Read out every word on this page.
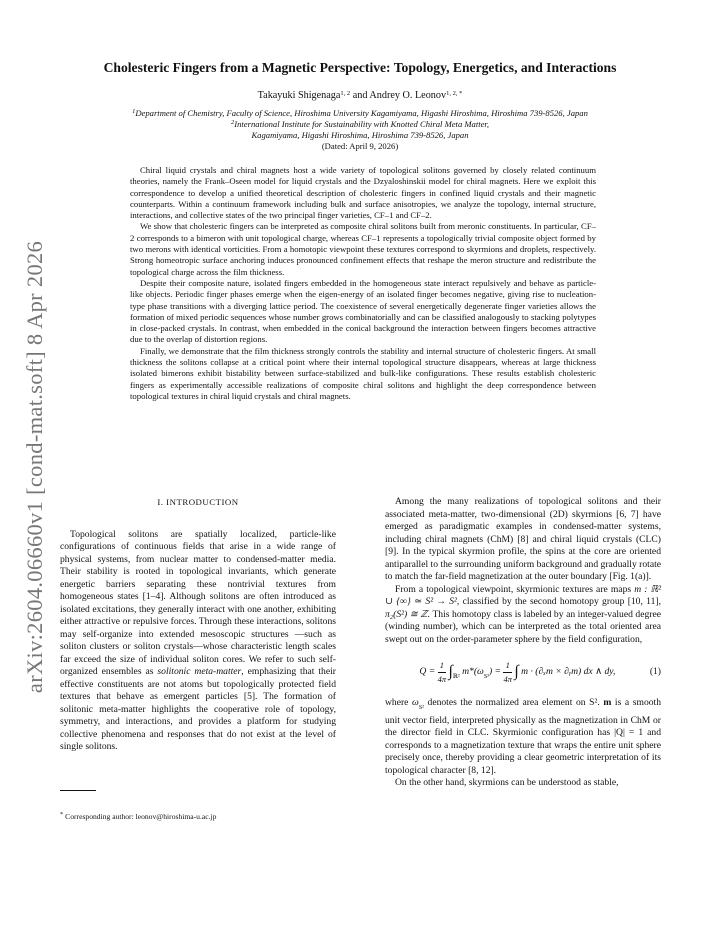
arXiv:2604.06660v1 [cond-mat.soft] 8 Apr 2026
Cholesteric Fingers from a Magnetic Perspective: Topology, Energetics, and Interactions
Takayuki Shigenaga$^{1, 2}$ and Andrey O. Leonov$^{1, 2, *}$
$^1$Department of Chemistry, Faculty of Science, Hiroshima University Kagamiyama, Higashi Hiroshima, Hiroshima 739-8526, Japan
$^2$International Institute for Sustainability with Knotted Chiral Meta Matter,
Kagamiyama, Higashi Hiroshima, Hiroshima 739-8526, Japan
(Dated: April 9, 2026)

Chiral liquid crystals and chiral magnets host a wide variety of topological solitons governed by closely related continuum theories, namely the Frank–Oseen model for liquid crystals and the Dzyaloshinskii model for chiral magnets. Here we exploit this correspondence to develop a unified theoretical description of cholesteric fingers in confined liquid crystals and their magnetic counterparts. Within a continuum framework including bulk and surface anisotropies, we analyze the topology, internal structure, interactions, and collective states of the two principal finger varieties, CF–1 and CF–2.

We show that cholesteric fingers can be interpreted as composite chiral solitons built from meronic constituents. In particular, CF–2 corresponds to a bimeron with unit topological charge, whereas CF–1 represents a topologically trivial composite object formed by two merons with identical vorticities. From a homotopic viewpoint these textures correspond to skyrmions and droplets, respectively. Strong homeotropic surface anchoring induces pronounced confinement effects that reshape the meron structure and redistribute the topological charge across the film thickness.

Despite their composite nature, isolated fingers embedded in the homogeneous state interact repulsively and behave as particle-like objects. Periodic finger phases emerge when the eigen-energy of an isolated finger becomes negative, giving rise to nucleation-type phase transitions with a diverging lattice period. The coexistence of several energetically degenerate finger varieties allows the formation of mixed periodic sequences whose number grows combinatorially and can be classified analogously to stacking polytypes in close-packed crystals. In contrast, when embedded in the conical background the interaction between fingers becomes attractive due to the overlap of distortion regions.

Finally, we demonstrate that the film thickness strongly controls the stability and internal structure of cholesteric fingers. At small thickness the solitons collapse at a critical point where their internal topological structure disappears, whereas at large thickness isolated bimerons exhibit bistability between surface-stabilized and bulk-like configurations. These results establish cholesteric fingers as experimentally accessible realizations of composite chiral solitons and highlight the deep correspondence between topological textures in chiral liquid crystals and chiral magnets.

I. INTRODUCTION

Topological solitons are spatially localized, particle-like configurations of continuous fields that arise in a wide range of physical systems, from nuclear matter to condensed-matter media. Their stability is rooted in topological invariants, which generate energetic barriers separating these nontrivial textures from homogeneous states [1–4]. Although solitons are often introduced as isolated excitations, they generally interact with one another, exhibiting either attractive or repulsive forces. Through these interactions, solitons may self-organize into extended mesoscopic structures —such as soliton clusters or soliton crystals—whose characteristic length scales far exceed the size of individual soliton cores. We refer to such self-organized ensembles as solitonic meta-matter, emphasizing that their effective constituents are not atoms but topologically protected field textures that behave as emergent particles [5]. The formation of solitonic meta-matter highlights the cooperative role of topology, symmetry, and interactions, and provides a platform for studying collective phenomena and responses that do not exist at the level of single solitons.

Among the many realizations of topological solitons and their associated meta-matter, two-dimensional (2D) skyrmions [6, 7] have emerged as paradigmatic examples in condensed-matter systems, including chiral magnets (ChM) [8] and chiral liquid crystals (CLC) [9]. In the typical skyrmion profile, the spins at the core are oriented antiparallel to the surrounding uniform background and gradually rotate to match the far-field magnetization at the outer boundary [Fig. 1(a)].

From a topological viewpoint, skyrmionic textures are maps m : ℝ² ∪ {∞} ≃ S² → S², classified by the second homotopy group [10, 11], π₂(S²) ≅ ℤ. This homotopy class is labeled by an integer-valued degree (winding number), which can be interpreted as the total oriented area swept out on the order-parameter sphere by the field configuration,

$Q = \frac{1}{4\pi} \int_{ℝ^2}$ $m*(\omega_{S^2}) = \frac{1}{4\pi}$ ∫ m · (∂ₓm × ∂ᵧm) dx ∧ dy,	(1)

where $\omega_{S^2}$ denotes the normalized area element on S². m is a smooth unit vector field, interpreted physically as the magnetization in ChM or the director field in CLC. Skyrmionic configuration has |Q| = 1 and corresponds to a magnetization texture that wraps the entire unit sphere precisely once, thereby providing a clear geometric interpretation of its topological character [8, 12].

On the other hand, skyrmions can be understood as stable,

* Corresponding author: leonov@hiroshima-u.ac.jp
